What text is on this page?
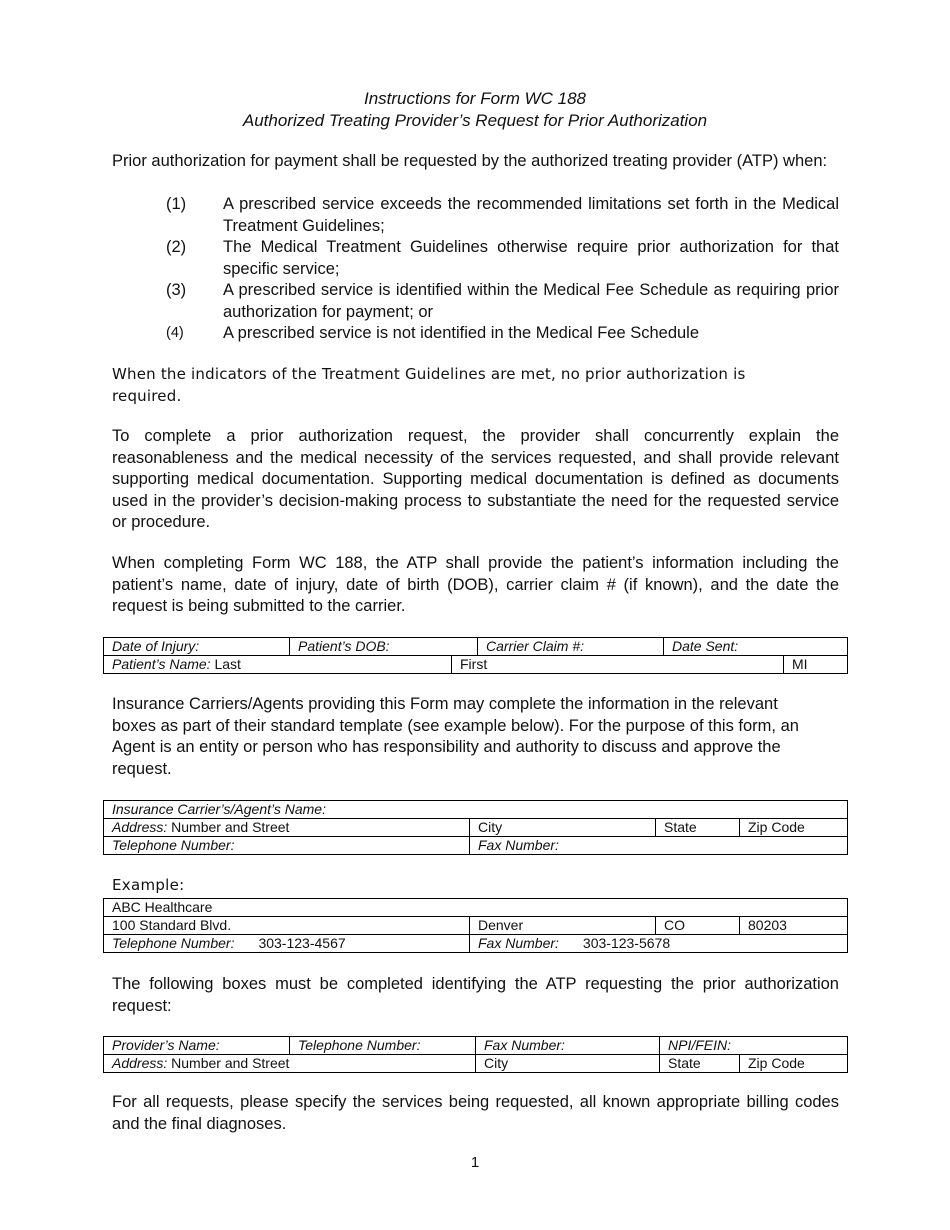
Instructions for Form WC 188
Authorized Treating Provider’s Request for Prior Authorization
Prior authorization for payment shall be requested by the authorized treating provider (ATP) when:
(1) A prescribed service exceeds the recommended limitations set forth in the Medical Treatment Guidelines;
(2) The Medical Treatment Guidelines otherwise require prior authorization for that specific service;
(3) A prescribed service is identified within the Medical Fee Schedule as requiring prior authorization for payment; or
(4) A prescribed service is not identified in the Medical Fee Schedule
When the indicators of the Treatment Guidelines are met, no prior authorization is required.
To complete a prior authorization request, the provider shall concurrently explain the reasonableness and the medical necessity of the services requested, and shall provide relevant supporting medical documentation. Supporting medical documentation is defined as documents used in the provider’s decision-making process to substantiate the need for the requested service or procedure.
When completing Form WC 188, the ATP shall provide the patient’s information including the patient’s name, date of injury, date of birth (DOB), carrier claim # (if known), and the date the request is being submitted to the carrier.
Date of Injury:	Patient’s DOB:		Carrier Claim #:	Date Sent:	
Patient’s Name: Last		First			MI
Insurance Carriers/Agents providing this Form may complete the information in the relevant boxes as part of their standard template (see example below). For the purpose of this form, an Agent is an entity or person who has responsibility and authority to discuss and approve the request.
Insurance Carrier’s/Agent’s Name:			
Address: Number and Street	City	State	Zip Code
Telephone Number:	Fax Number:		
Example:
ABC Healthcare			
100 Standard Blvd.	Denver	CO	80203
Telephone Number: 303-123-4567	Fax Number: 303-123-5678		
The following boxes must be completed identifying the ATP requesting the prior authorization request:
Provider’s Name:	Telephone Number:	Fax Number:	NPI/FEIN:	
Address: Number and Street		City	State	Zip Code
For all requests, please specify the services being requested, all known appropriate billing codes and the final diagnoses.
1
